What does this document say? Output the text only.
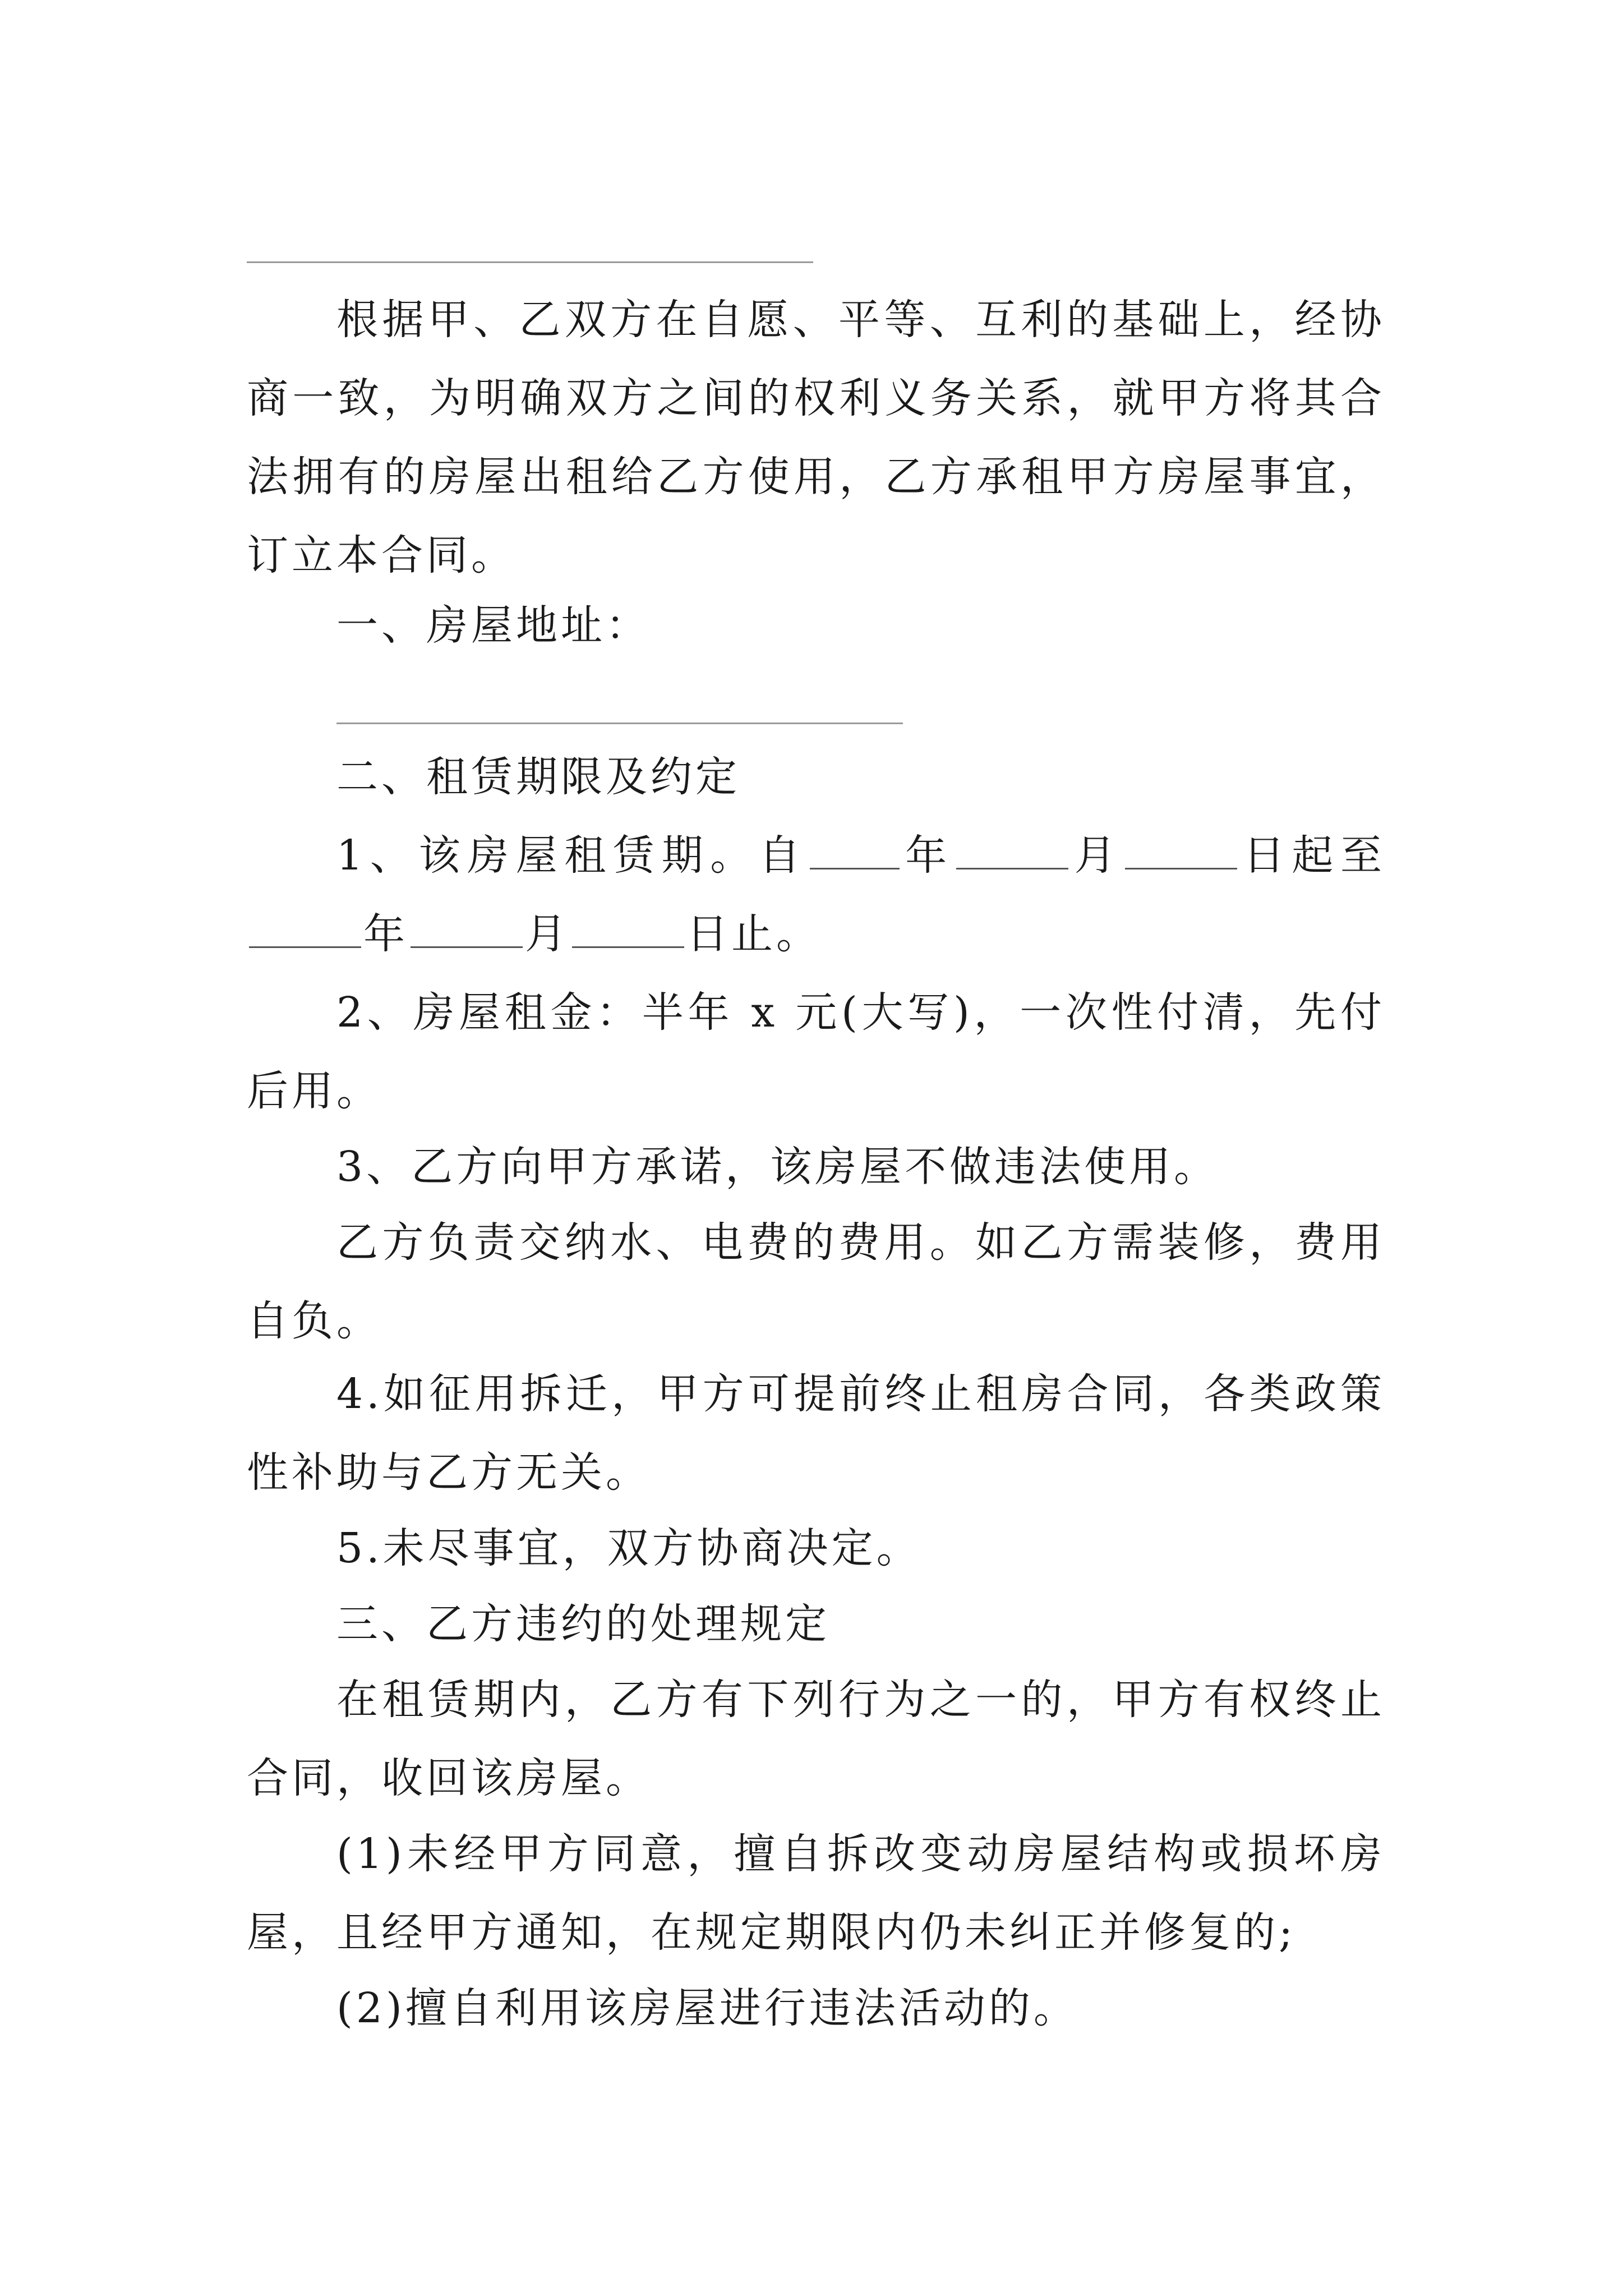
根据甲、乙双方在自愿、平等、互利的基础上，经协商一致，为明确双方之间的权利义务关系，就甲方将其合法拥有的房屋出租给乙方使用，乙方承租甲方房屋事宜，订立本合同。

一、房屋地址：

二、租赁期限及约定

1、该房屋租赁期。自 年	月	日起至年	月	日止。

2、房屋租金：半年 x 元(大写)，一次性付清，先付后用。

3、乙方向甲方承诺，该房屋不做违法使用。

乙方负责交纳水、电费的费用。如乙方需装修，费用自负。

4.如征用拆迁，甲方可提前终止租房合同，各类政策性补助与乙方无关。

5.未尽事宜，双方协商决定。

三、乙方违约的处理规定

在租赁期内，乙方有下列行为之一的，甲方有权终止合同，收回该房屋。

(1)未经甲方同意，擅自拆改变动房屋结构或损坏房屋，且经甲方通知，在规定期限内仍未纠正并修复的;

(2)擅自利用该房屋进行违法活动的。
